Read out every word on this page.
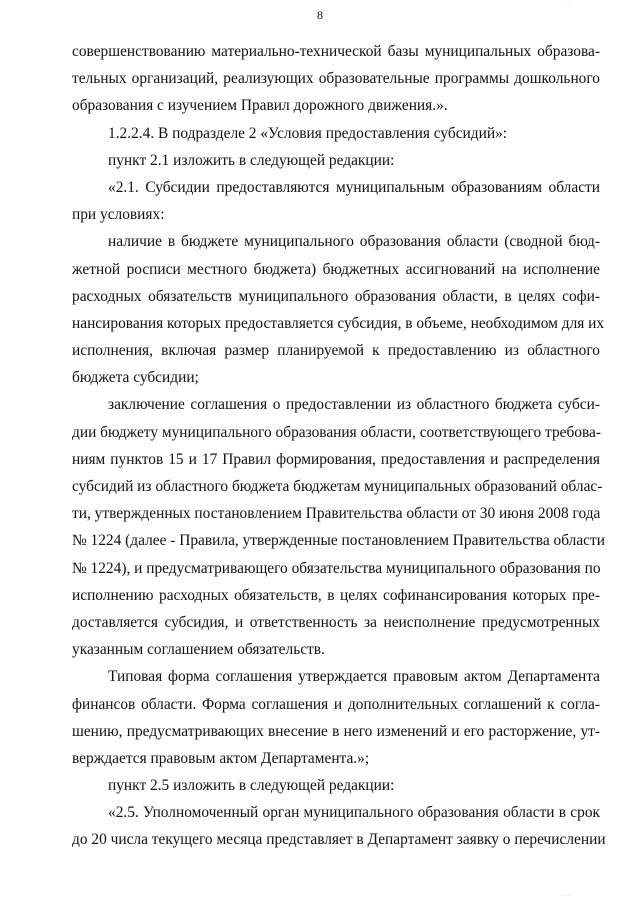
...
8
совершенствованию материально-технической базы муниципальных образова-
тельных организаций, реализующих образовательные программы дошкольного
образования с изучением Правил дорожного движения.».
1.2.2.4. В подразделе 2 «Условия предоставления субсидий»:
пункт 2.1 изложить в следующей редакции:
«2.1. Субсидии предоставляются муниципальным образованиям области
при условиях:
наличие в бюджете муниципального образования области (сводной бюд-
жетной росписи местного бюджета) бюджетных ассигнований на исполнение
расходных обязательств муниципального образования области, в целях софи-
нансирования которых предоставляется субсидия, в объеме, необходимом для их
исполнения, включая размер планируемой к предоставлению из областного
бюджета субсидии;
заключение соглашения о предоставлении из областного бюджета субси-
дии бюджету муниципального образования области, соответствующего требова-
ниям пунктов 15 и 17 Правил формирования, предоставления и распределения
субсидий из областного бюджета бюджетам муниципальных образований облас-
ти, утвержденных постановлением Правительства области от 30 июня 2008 года
№ 1224 (далее - Правила, утвержденные постановлением Правительства области
№ 1224), и предусматривающего обязательства муниципального образования по
исполнению расходных обязательств, в целях софинансирования которых пре-
доставляется субсидия, и ответственность за неисполнение предусмотренных
указанным соглашением обязательств.
Типовая форма соглашения утверждается правовым актом Департамента
финансов области. Форма соглашения и дополнительных соглашений к согла-
шению, предусматривающих внесение в него изменений и его расторжение, ут-
верждается правовым актом Департамента.»;
пункт 2.5 изложить в следующей редакции:
«2.5. Уполномоченный орган муниципального образования области в срок
до 20 числа текущего месяца представляет в Департамент заявку о перечислении
.....
